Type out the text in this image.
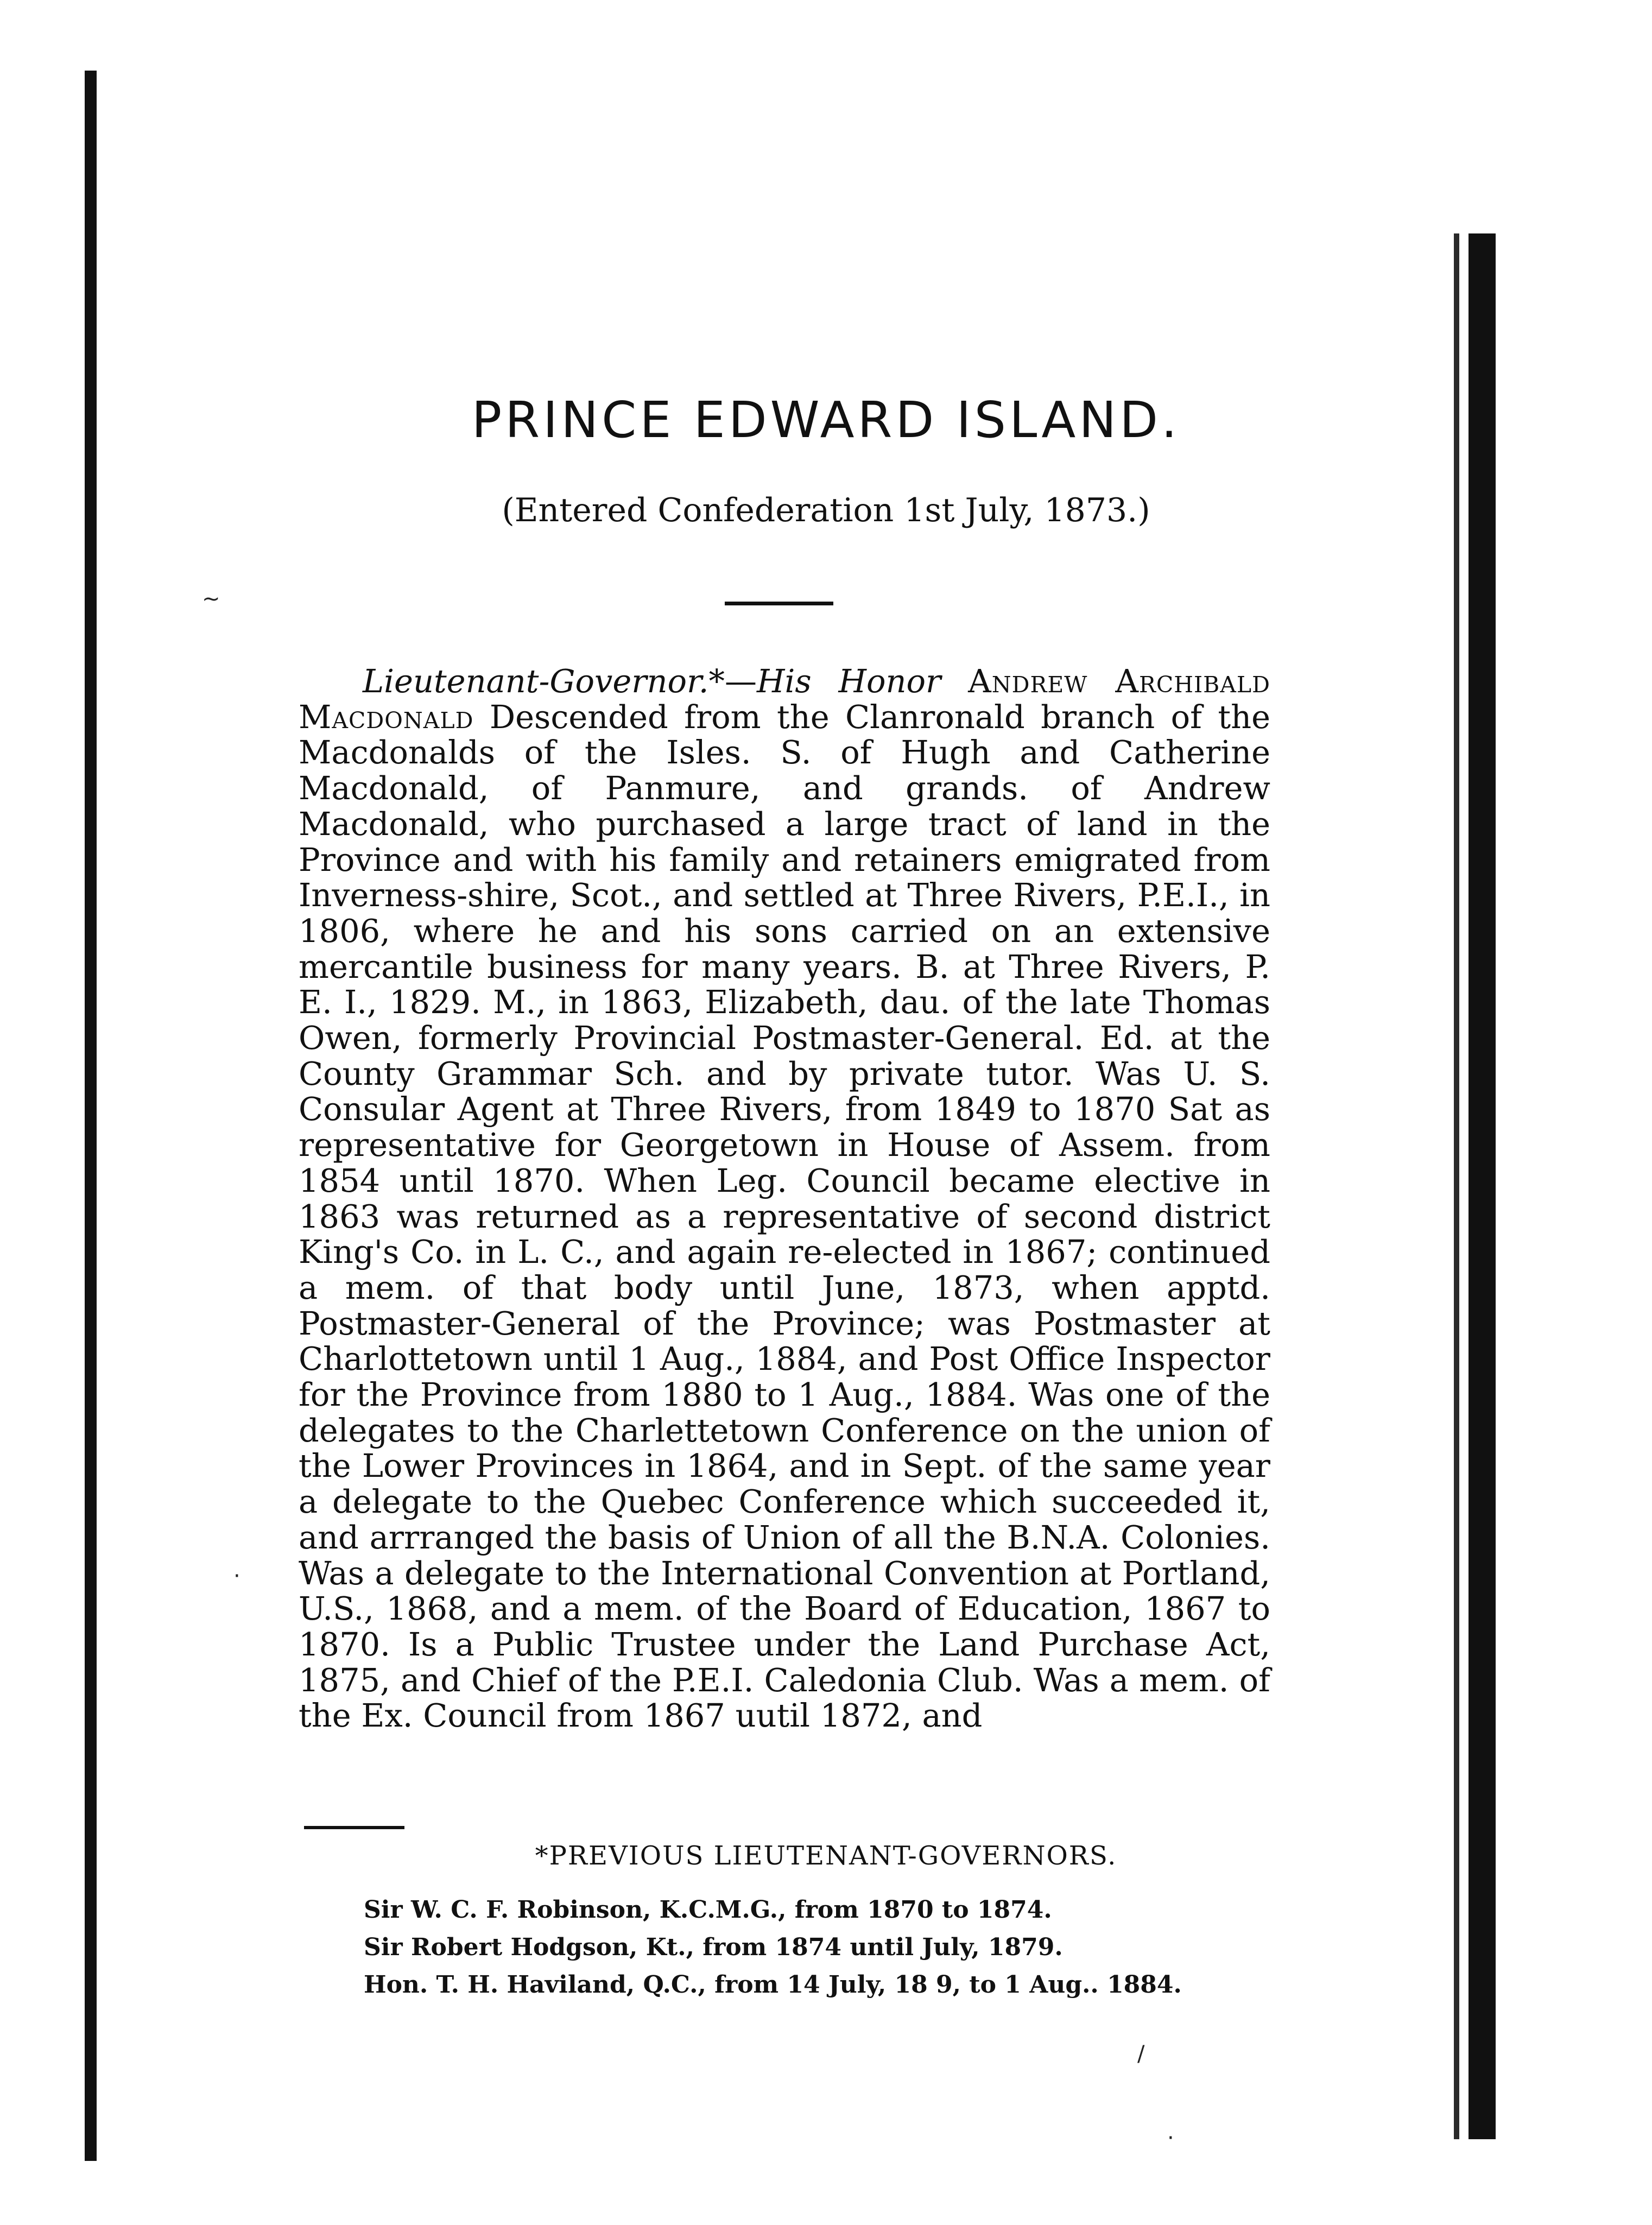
~
·
/
·
PRINCE EDWARD ISLAND.

(Entered Confederation 1st July, 1873.)

Lieutenant-Governor.*—His Honor Andrew Archibald Macdonald Descended from the Clanronald branch of the Macdonalds of the Isles. S. of Hugh and Catherine Macdonald, of Panmure, and grands. of Andrew Macdonald, who purchased a large tract of land in the Province and with his family and retainers emigrated from Inverness-shire, Scot., and settled at Three Rivers, P.E.I., in 1806, where he and his sons carried on an extensive mercantile business for many years. B. at Three Rivers, P. E. I., 1829. M., in 1863, Elizabeth, dau. of the late Thomas Owen, formerly Provincial Postmaster-General. Ed. at the County Grammar Sch. and by private tutor. Was U. S. Consular Agent at Three Rivers, from 1849 to 1870 Sat as representative for Georgetown in House of Assem. from 1854 until 1870. When Leg. Council became elective in 1863 was returned as a representative of second district King's Co. in L. C., and again re-elected in 1867; continued a mem. of that body until June, 1873, when apptd. Postmaster-General of the Province; was Postmaster at Charlottetown until 1 Aug., 1884, and Post Office Inspector for the Province from 1880 to 1 Aug., 1884. Was one of the delegates to the Charlettetown Conference on the union of the Lower Provinces in 1864, and in Sept. of the same year a delegate to the Quebec Conference which succeeded it, and arrranged the basis of Union of all the B.N.A. Colonies. Was a delegate to the International Convention at Portland, U.S., 1868, and a mem. of the Board of Education, 1867 to 1870. Is a Public Trustee under the Land Purchase Act, 1875, and Chief of the P.E.I. Caledonia Club. Was a mem. of the Ex. Council from 1867 uutil 1872, and

*PREVIOUS LIEUTENANT-GOVERNORS.

Sir W. C. F. Robinson, K.C.M.G., from 1870 to 1874.
Sir Robert Hodgson, Kt., from 1874 until July, 1879.
Hon. T. H. Haviland, Q.C., from 14 July, 18 9, to 1 Aug.. 1884.
